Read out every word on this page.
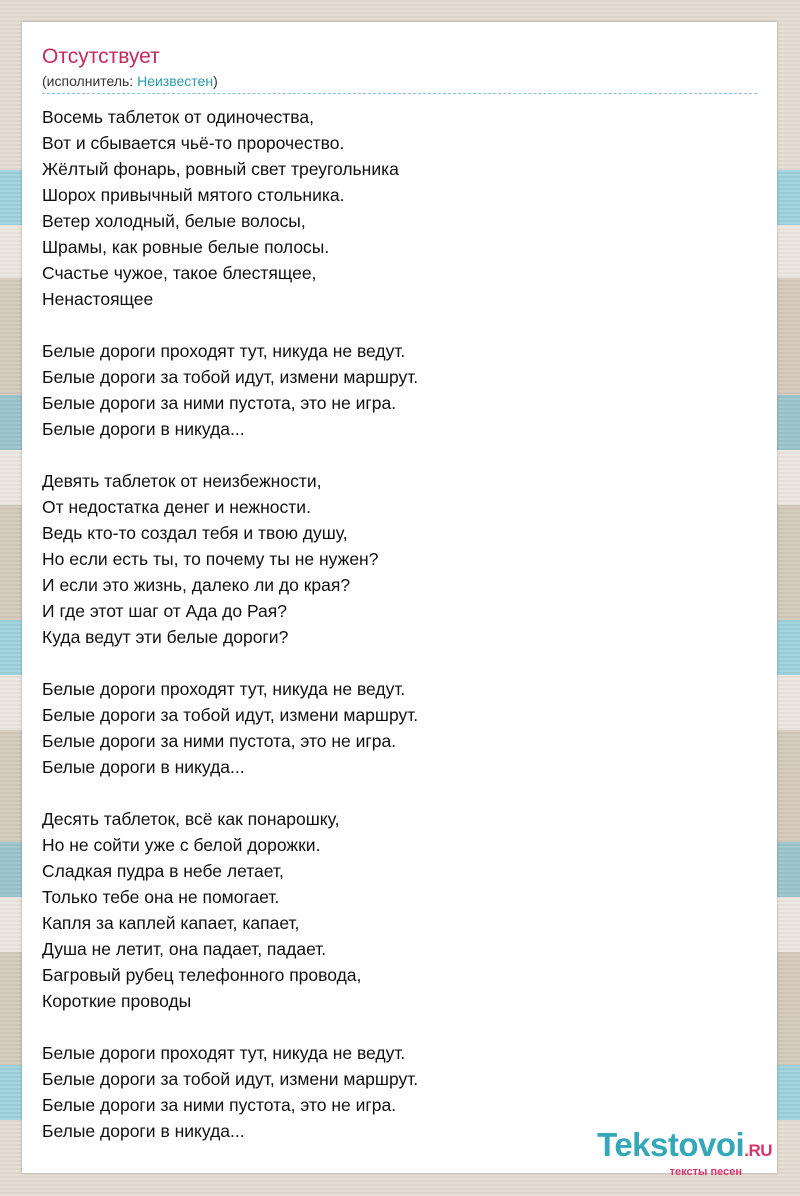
Отсутствует
(исполнитель: Неизвестен)
Восемь таблеток от одиночества,
Вот и сбывается чьё-то пророчество.
Жёлтый фонарь, ровный свет треугольника
Шорох привычный мятого стольника.
Ветер холодный, белые волосы,
Шрамы, как ровные белые полосы.
Счастье чужое, такое блестящее,
Ненастоящее
Белые дороги проходят тут, никуда не ведут.
Белые дороги за тобой идут, измени маршрут.
Белые дороги за ними пустота, это не игра.
Белые дороги в никуда...
Девять таблеток от неизбежности,
От недостатка денег и нежности.
Ведь кто-то создал тебя и твою душу,
Но если есть ты, то почему ты не нужен?
И если это жизнь, далеко ли до края?
И где этот шаг от Ада до Рая?
Куда ведут эти белые дороги?
Белые дороги проходят тут, никуда не ведут.
Белые дороги за тобой идут, измени маршрут.
Белые дороги за ними пустота, это не игра.
Белые дороги в никуда...
Десять таблеток, всё как понарошку,
Но не сойти уже с белой дорожки.
Сладкая пудра в небе летает,
Только тебе она не помогает.
Капля за каплей капает, капает,
Душа не летит, она падает, падает.
Багровый рубец телефонного провода,
Короткие проводы
Белые дороги проходят тут, никуда не ведут.
Белые дороги за тобой идут, измени маршрут.
Белые дороги за ними пустота, это не игра.
Белые дороги в никуда...	Tekstovoi.RU
тексты песен
